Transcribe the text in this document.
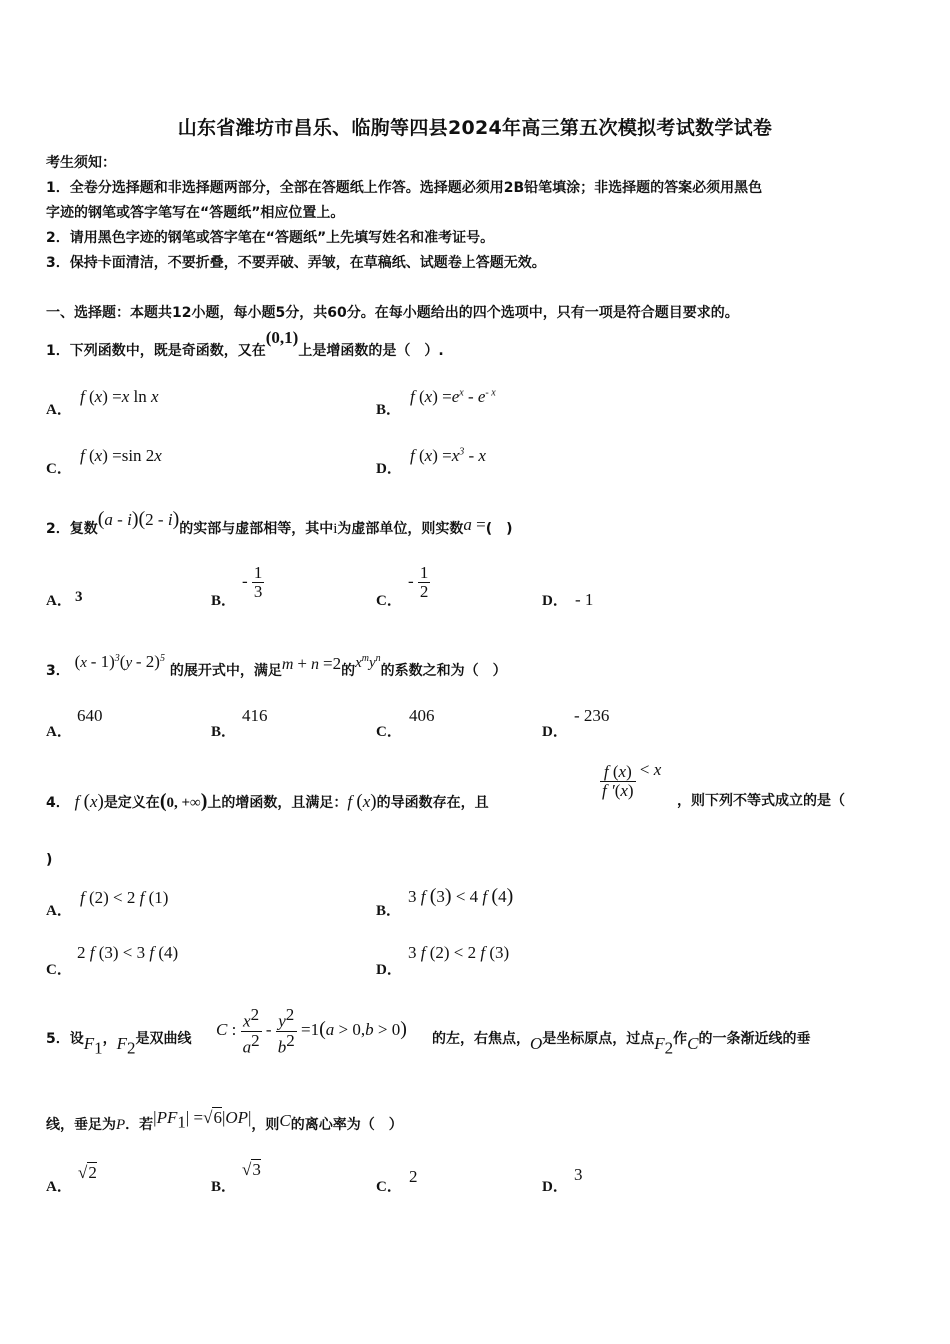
山东省潍坊市昌乐、临朐等四县2024年高三第五次模拟考试数学试卷
考生须知：
1．全卷分选择题和非选择题两部分，全部在答题纸上作答。选择题必须用2B铅笔填涂；非选择题的答案必须用黑色
字迹的钢笔或答字笔写在“答题纸”相应位置上。
2．请用黑色字迹的钢笔或答字笔在“答题纸”上先填写姓名和准考证号。
3．保持卡面清洁，不要折叠，不要弄破、弄皱，在草稿纸、试题卷上答题无效。
一、选择题：本题共12小题，每小题5分，共60分。在每小题给出的四个选项中，只有一项是符合题目要求的。
1．下列函数中，既是奇函数，又在(0,1)上是增函数的是（　）.
A．
f (x) =x ln x
B．
f $(x) =e^x - e^{- x}$
C．
f (x) =sin 2x
D．
f $(x) =x^3 - x$
2．复数(a - i)(2 - i)的实部与虚部相等，其中i为虚部单位，则实数a =(　)
A． 3	B．
- $\frac{1}{3}$	C．
- $\frac{1}{2}$	D． - 1
3． (x - 1)$^3$(y - 2)$^5$ 的展开式中，满足m + n =2的$x^my^n$的系数之和为（　）
A．
640
B．
416
C．
406
D．
- 236
4． f (x)是定义在(0, +∞)上的增函数，且满足：f (x)的导函数存在，且
$\frac{f (x)}{f '(x)} < x$
，则下列不等式成立的是（
)
A．
f (2) < 2 f (1)
B．
3 f (3) < 4 f (4)
C．
2 f (3) < 3 f (4)
D．
3 f (2) < 2 f (3)
5．设$F_1$，$F_2$是双曲线 C : $\frac{x^2}{a^2} - \frac{y^2}{b^2} =1(a > 0,b > 0)$ 的左，右焦点，O是坐标原点，过点$F_2$作C的一条渐近线的垂
线，垂足为P．若$|PF_1| =√6|OP|$，则C的离心率为（　）
A．
√2
B．
√3
C．
2
D．
3
